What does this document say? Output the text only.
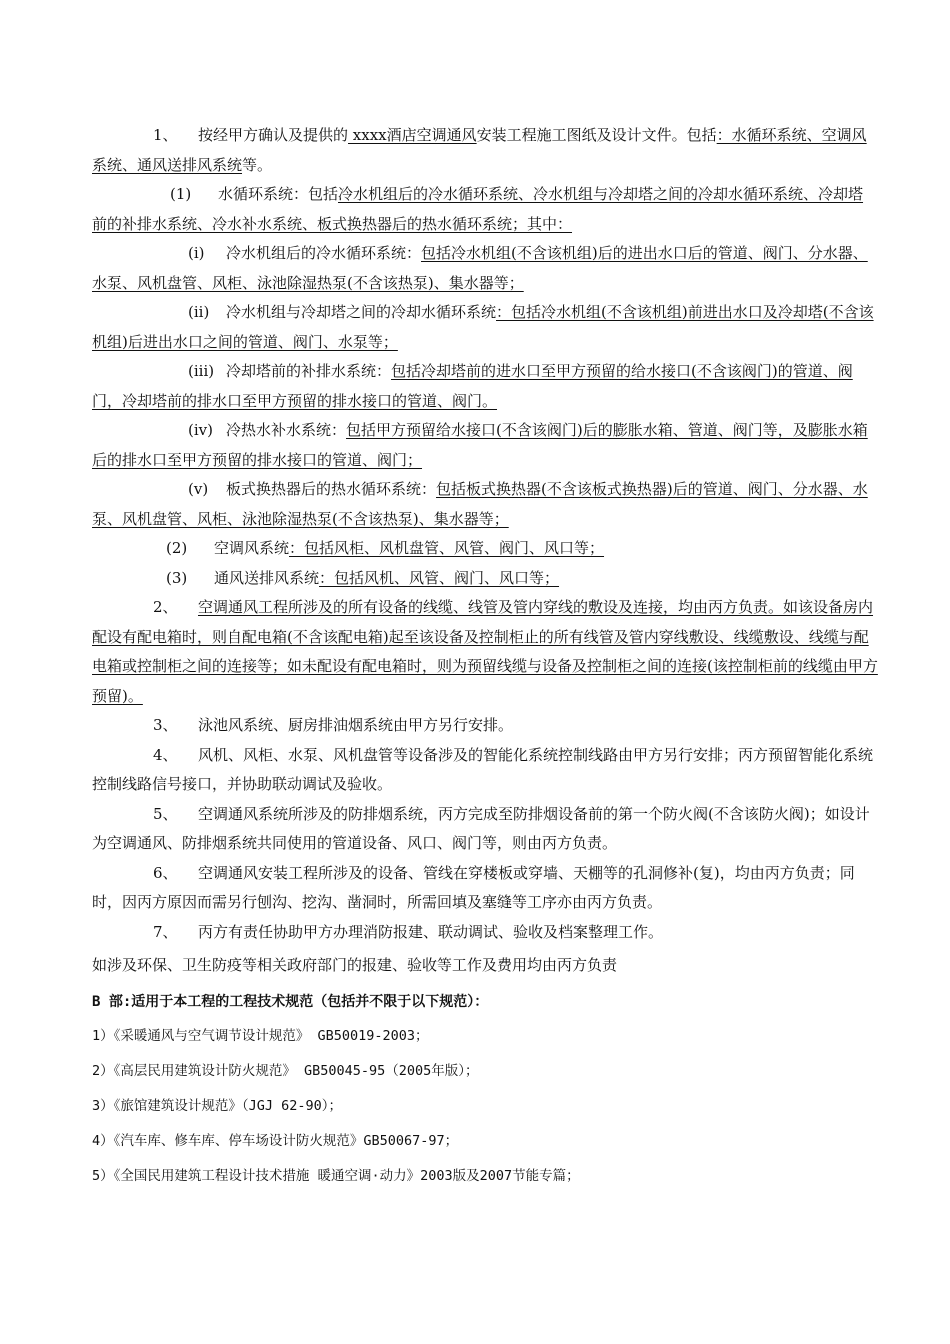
1、 按经甲方确认及提供的 xxxx酒店空调通风安装工程施工图纸及设计文件。包括：水循环系统、空调风系统、通风送排风系统等。

(1) 水循环系统：包括冷水机组后的冷水循环系统、冷水机组与冷却塔之间的冷却水循环系统、冷却塔前的补排水系统、冷水补水系统、板式换热器后的热水循环系统；其中：

(i) 冷水机组后的冷水循环系统：包括冷水机组(不含该机组)后的进出水口后的管道、阀门、分水器、水泵、风机盘管、风柜、泳池除湿热泵(不含该热泵)、集水器等；

(ii) 冷水机组与冷却塔之间的冷却水循环系统：包括冷水机组(不含该机组)前进出水口及冷却塔(不含该机组)后进出水口之间的管道、阀门、水泵等；

(iii) 冷却塔前的补排水系统：包括冷却塔前的进水口至甲方预留的给水接口(不含该阀门)的管道、阀门，冷却塔前的排水口至甲方预留的排水接口的管道、阀门。

(iv) 冷热水补水系统：包括甲方预留给水接口(不含该阀门)后的膨胀水箱、管道、阀门等，及膨胀水箱后的排水口至甲方预留的排水接口的管道、阀门；

(v) 板式换热器后的热水循环系统：包括板式换热器(不含该板式换热器)后的管道、阀门、分水器、水泵、风机盘管、风柜、泳池除湿热泵(不含该热泵)、集水器等；

(2) 空调风系统：包括风柜、风机盘管、风管、阀门、风口等；

(3) 通风送排风系统：包括风机、风管、阀门、风口等；

2、 空调通风工程所涉及的所有设备的线缆、线管及管内穿线的敷设及连接，均由丙方负责。如该设备房内配设有配电箱时，则自配电箱(不含该配电箱)起至该设备及控制柜止的所有线管及管内穿线敷设、线缆敷设、线缆与配电箱或控制柜之间的连接等；如未配设有配电箱时，则为预留线缆与设备及控制柜之间的连接(该控制柜前的线缆由甲方预留)。

3、 泳池风系统、厨房排油烟系统由甲方另行安排。

4、 风机、风柜、水泵、风机盘管等设备涉及的智能化系统控制线路由甲方另行安排；丙方预留智能化系统控制线路信号接口，并协助联动调试及验收。

5、 空调通风系统所涉及的防排烟系统，丙方完成至防排烟设备前的第一个防火阀(不含该防火阀)；如设计为空调通风、防排烟系统共同使用的管道设备、风口、阀门等，则由丙方负责。

6、 空调通风安装工程所涉及的设备、管线在穿楼板或穿墙、天棚等的孔洞修补(复)，均由丙方负责；同时，因丙方原因而需另行刨沟、挖沟、凿洞时，所需回填及塞缝等工序亦由丙方负责。

7、 丙方有责任协助甲方办理消防报建、联动调试、验收及档案整理工作。

如涉及环保、卫生防疫等相关政府部门的报建、验收等工作及费用均由丙方负责

B 部:适用于本工程的工程技术规范（包括并不限于以下规范）：

1）《采暖通风与空气调节设计规范》 GB50019-2003；

2）《高层民用建筑设计防火规范》 GB50045-95（2005年版）；

3）《旅馆建筑设计规范》（JGJ 62-90）；

4）《汽车库、修车库、停车场设计防火规范》GB50067-97；

5）《全国民用建筑工程设计技术措施 暖通空调·动力》2003版及2007节能专篇；
